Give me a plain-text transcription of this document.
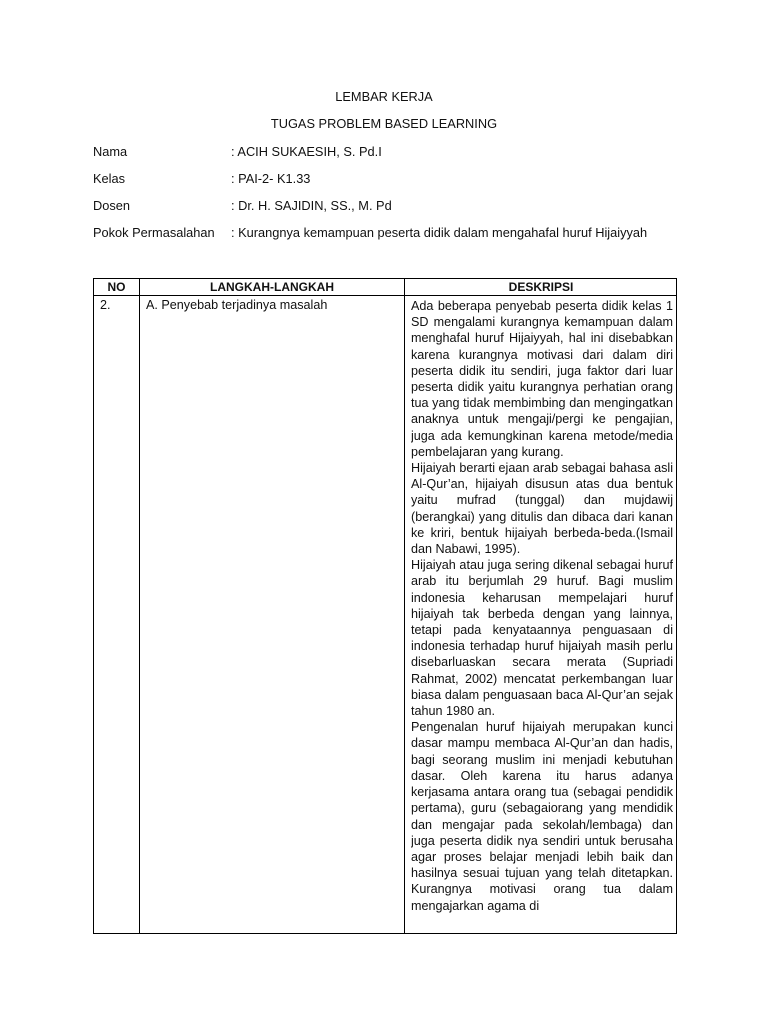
LEMBAR KERJA
TUGAS PROBLEM BASED LEARNING
Nama	: ACIH SUKAESIH, S. Pd.I
Kelas	: PAI-2- K1.33
Dosen	: Dr. H. SAJIDIN, SS., M. Pd
Pokok Permasalahan : Kurangnya kemampuan peserta didik dalam mengahafal huruf Hijaiyyah
NO	LANGKAH-LANGKAH	DESKRIPSI
2.	A. Penyebab terjadinya masalah	Ada beberapa penyebab peserta didik kelas 1 SD mengalami kurangnya kemampuan dalam menghafal huruf Hijaiyyah, hal ini disebabkan karena kurangnya motivasi dari dalam diri peserta didik itu sendiri, juga faktor dari luar peserta didik yaitu kurangnya perhatian orang tua yang tidak membimbing dan mengingatkan anaknya untuk mengaji/pergi ke pengajian, juga ada kemungkinan karena metode/media pembelajaran yang kurang.

Hijaiyah berarti ejaan arab sebagai bahasa asli Al-Qur’an, hijaiyah disusun atas dua bentuk yaitu mufrad (tunggal) dan mujdawij (berangkai) yang ditulis dan dibaca dari kanan ke kriri, bentuk hijaiyah berbeda-beda.(Ismail dan Nabawi, 1995).

Hijaiyah atau juga sering dikenal sebagai huruf arab itu berjumlah 29 huruf. Bagi muslim indonesia keharusan mempelajari huruf hijaiyah tak berbeda dengan yang lainnya, tetapi pada kenyataannya penguasaan di indonesia terhadap huruf hijaiyah masih perlu disebarluaskan secara merata (Supriadi Rahmat, 2002) mencatat perkembangan luar biasa dalam penguasaan baca Al-Qur’an sejak tahun 1980 an.

Pengenalan huruf hijaiyah merupakan kunci dasar mampu membaca Al-Qur’an dan hadis, bagi seorang muslim ini menjadi kebutuhan dasar. Oleh karena itu harus adanya kerjasama antara orang tua (sebagai pendidik pertama), guru (sebagaiorang yang mendidik dan mengajar pada sekolah/lembaga) dan juga peserta didik nya sendiri untuk berusaha agar proses belajar menjadi lebih baik dan hasilnya sesuai tujuan yang telah ditetapkan. Kurangnya motivasi orang tua dalam mengajarkan agama di
